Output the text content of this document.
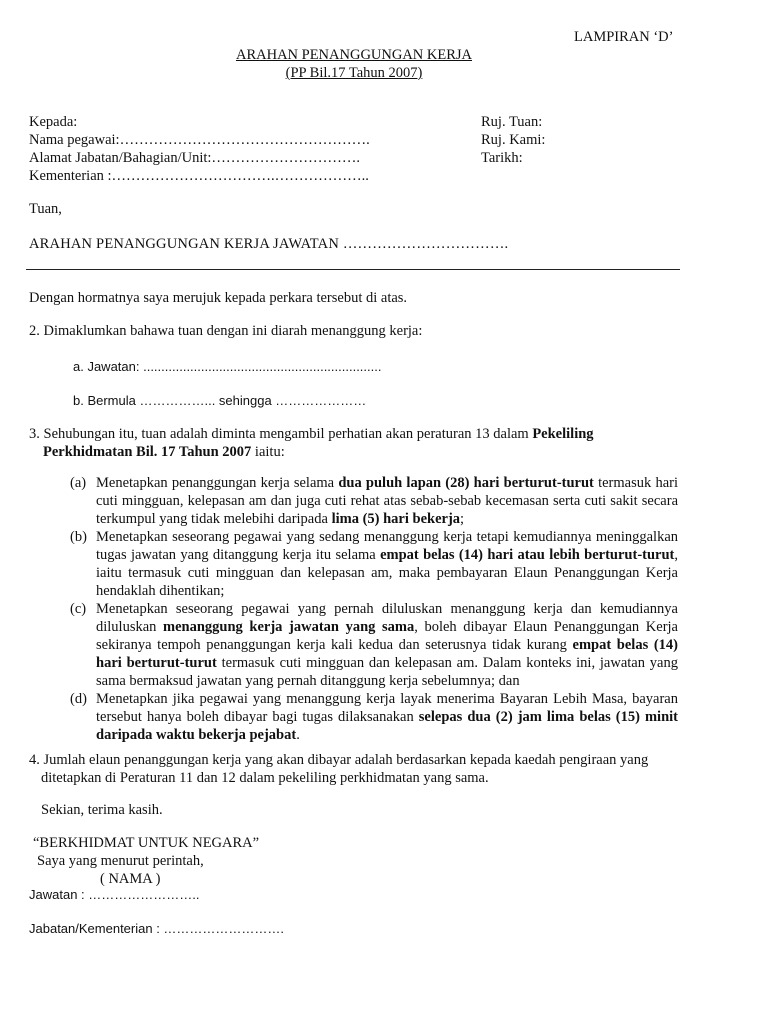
LAMPIRAN ‘D’
ARAHAN PENANGGUNGAN KERJA
(PP Bil.17 Tahun 2007)
Kepada:
Nama pegawai:…………………………………………….
Alamat Jabatan/Bahagian/Unit:………………………….
Kementerian :…………………………….………………..
Ruj. Tuan:
Ruj. Kami:
Tarikh:
Tuan,
ARAHAN PENANGGUNGAN KERJA JAWATAN …………………………….
Dengan hormatnya saya merujuk kepada perkara tersebut di atas.
2. Dimaklumkan bahawa tuan dengan ini diarah menanggung kerja:
a. Jawatan: ..................................................................
b. Bermula ……………... sehingga …………………
3. Sehubungan itu, tuan adalah diminta mengambil perhatian akan peraturan 13 dalam Pekeliling
Perkhidmatan Bil. 17 Tahun 2007 iaitu:
(a) Menetapkan penanggungan kerja selama dua puluh lapan (28) hari berturut-turut termasuk hari cuti mingguan, kelepasan am dan juga cuti rehat atas sebab-sebab kecemasan serta cuti sakit secara terkumpul yang tidak melebihi daripada lima (5) hari bekerja;
(b) Menetapkan seseorang pegawai yang sedang menanggung kerja tetapi kemudiannya meninggalkan tugas jawatan yang ditanggung kerja itu selama empat belas (14) hari atau lebih berturut-turut, iaitu termasuk cuti mingguan dan kelepasan am, maka pembayaran Elaun Penanggungan Kerja hendaklah dihentikan;
(c) Menetapkan seseorang pegawai yang pernah diluluskan menanggung kerja dan kemudiannya diluluskan menanggung kerja jawatan yang sama, boleh dibayar Elaun Penanggungan Kerja sekiranya tempoh penanggungan kerja kali kedua dan seterusnya tidak kurang empat belas (14) hari berturut-turut termasuk cuti mingguan dan kelepasan am. Dalam konteks ini, jawatan yang sama bermaksud jawatan yang pernah ditanggung kerja sebelumnya; dan
(d) Menetapkan jika pegawai yang menanggung kerja layak menerima Bayaran Lebih Masa, bayaran tersebut hanya boleh dibayar bagi tugas dilaksanakan selepas dua (2) jam lima belas (15) minit daripada waktu bekerja pejabat.
4. Jumlah elaun penanggungan kerja yang akan dibayar adalah berdasarkan kepada kaedah pengiraan yang
ditetapkan di Peraturan 11 dan 12 dalam pekeliling perkhidmatan yang sama.
Sekian, terima kasih.
“BERKHIDMAT UNTUK NEGARA”
Saya yang menurut perintah,
( NAMA )
Jawatan : ……………………..
Jabatan/Kementerian : ……………………….
